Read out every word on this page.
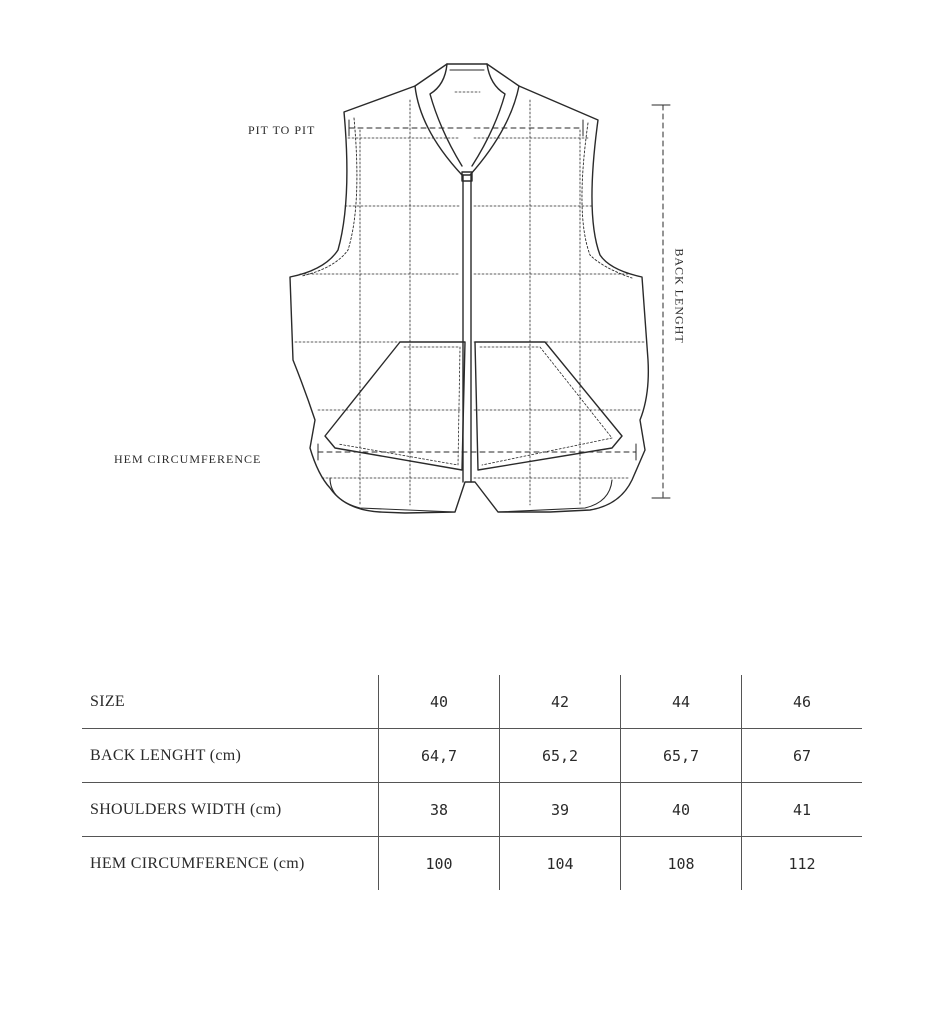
PIT TO PIT
HEM CIRCUMFERENCE
BACK LENGHT
SIZE	40	42	44	46
BACK LENGHT (cm)	64,7	65,2	65,7	67
SHOULDERS WIDTH (cm)	38	39	40	41
HEM CIRCUMFERENCE (cm)	100	104	108	112
